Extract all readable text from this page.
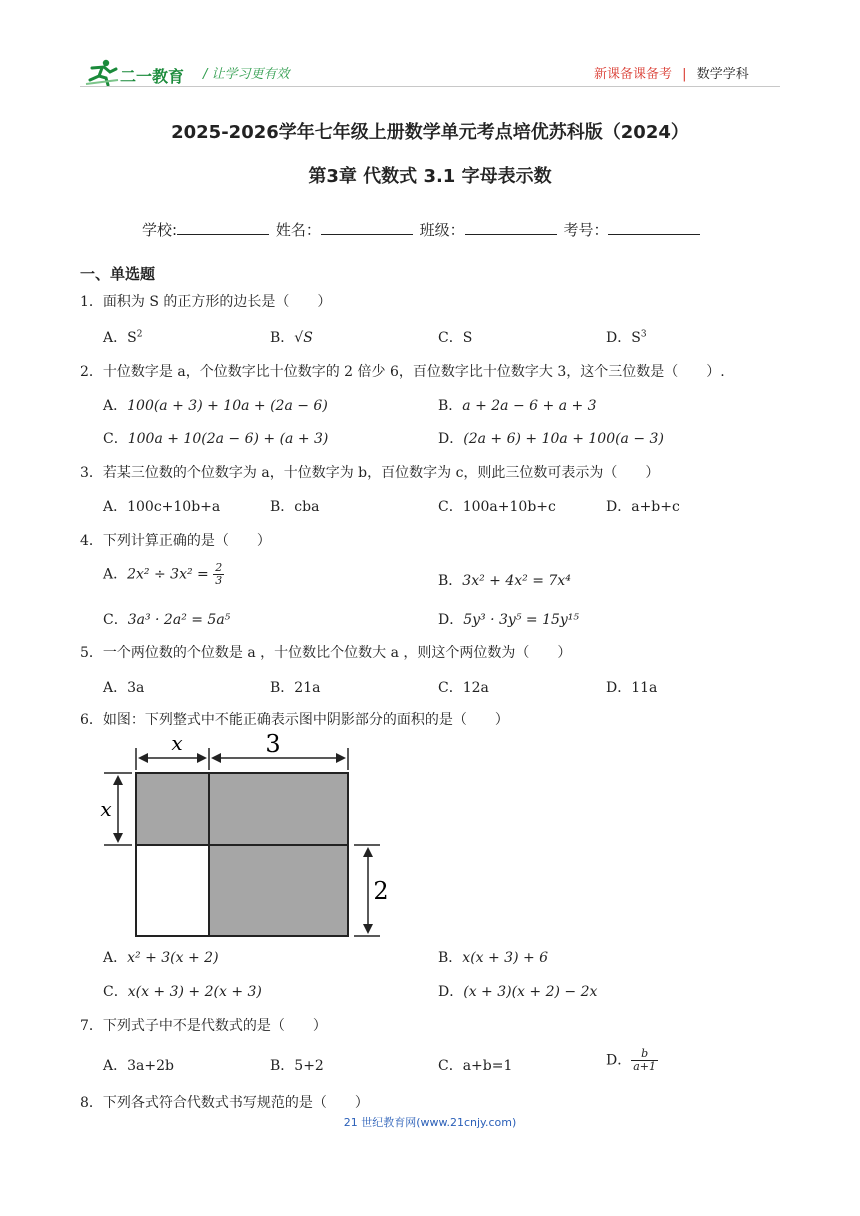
二一教育 / 让学习更有效	新课备课备考 | 数学学科
2025-2026学年七年级上册数学单元考点培优苏科版（2024）
第3章 代数式 3.1 字母表示数
学校:	姓名：	班级：	考号：
一、单选题
1．面积为 S 的正方形的边长是（　　）
A．$S^2$	B．√S	C．S	D．$S^3$
2．十位数字是 a，个位数字比十位数字的 2 倍少 6，百位数字比十位数字大 3，这个三位数是（　　）.
A．100(a + 3) + 10a + (2a − 6)	B．a + 2a − 6 + a + 3
C．100a + 10(2a − 6) + (a + 3)	D．(2a + 6) + 10a + 100(a − 3)
3．若某三位数的个位数字为 a，十位数字为 b，百位数字为 c，则此三位数可表示为（　　）
A．100c+10b+a	B．cba	C．100a+10b+c	D．a+b+c
4．下列计算正确的是（　　）
A．$2x^2 \div 3x^2 = \frac{2}{3}$	B．3x² + 4x² = 7x⁴
C．3a³ · 2a² = 5a⁵	D．5y³ · 3y⁵ = 15y¹⁵
5．一个两位数的个位数是 a ，十位数比个位数大 a ，则这个两位数为（　　）
A．3a	B．21a	C．12a	D．11a
6．如图：下列整式中不能正确表示图中阴影部分的面积的是（　　）
x	3
x
2
A．x² + 3(x + 2)	B．x(x + 3) + 6
C．x(x + 3) + 2(x + 3)	D．(x + 3)(x + 2) − 2x
7．下列式子中不是代数式的是（　　）
A．3a+2b	B．5+2	C．a+b=1	D． $\frac{b}{a+1}$
8．下列各式符合代数式书写规范的是（　　）
21 世纪教育网(www.21cnjy.com)
